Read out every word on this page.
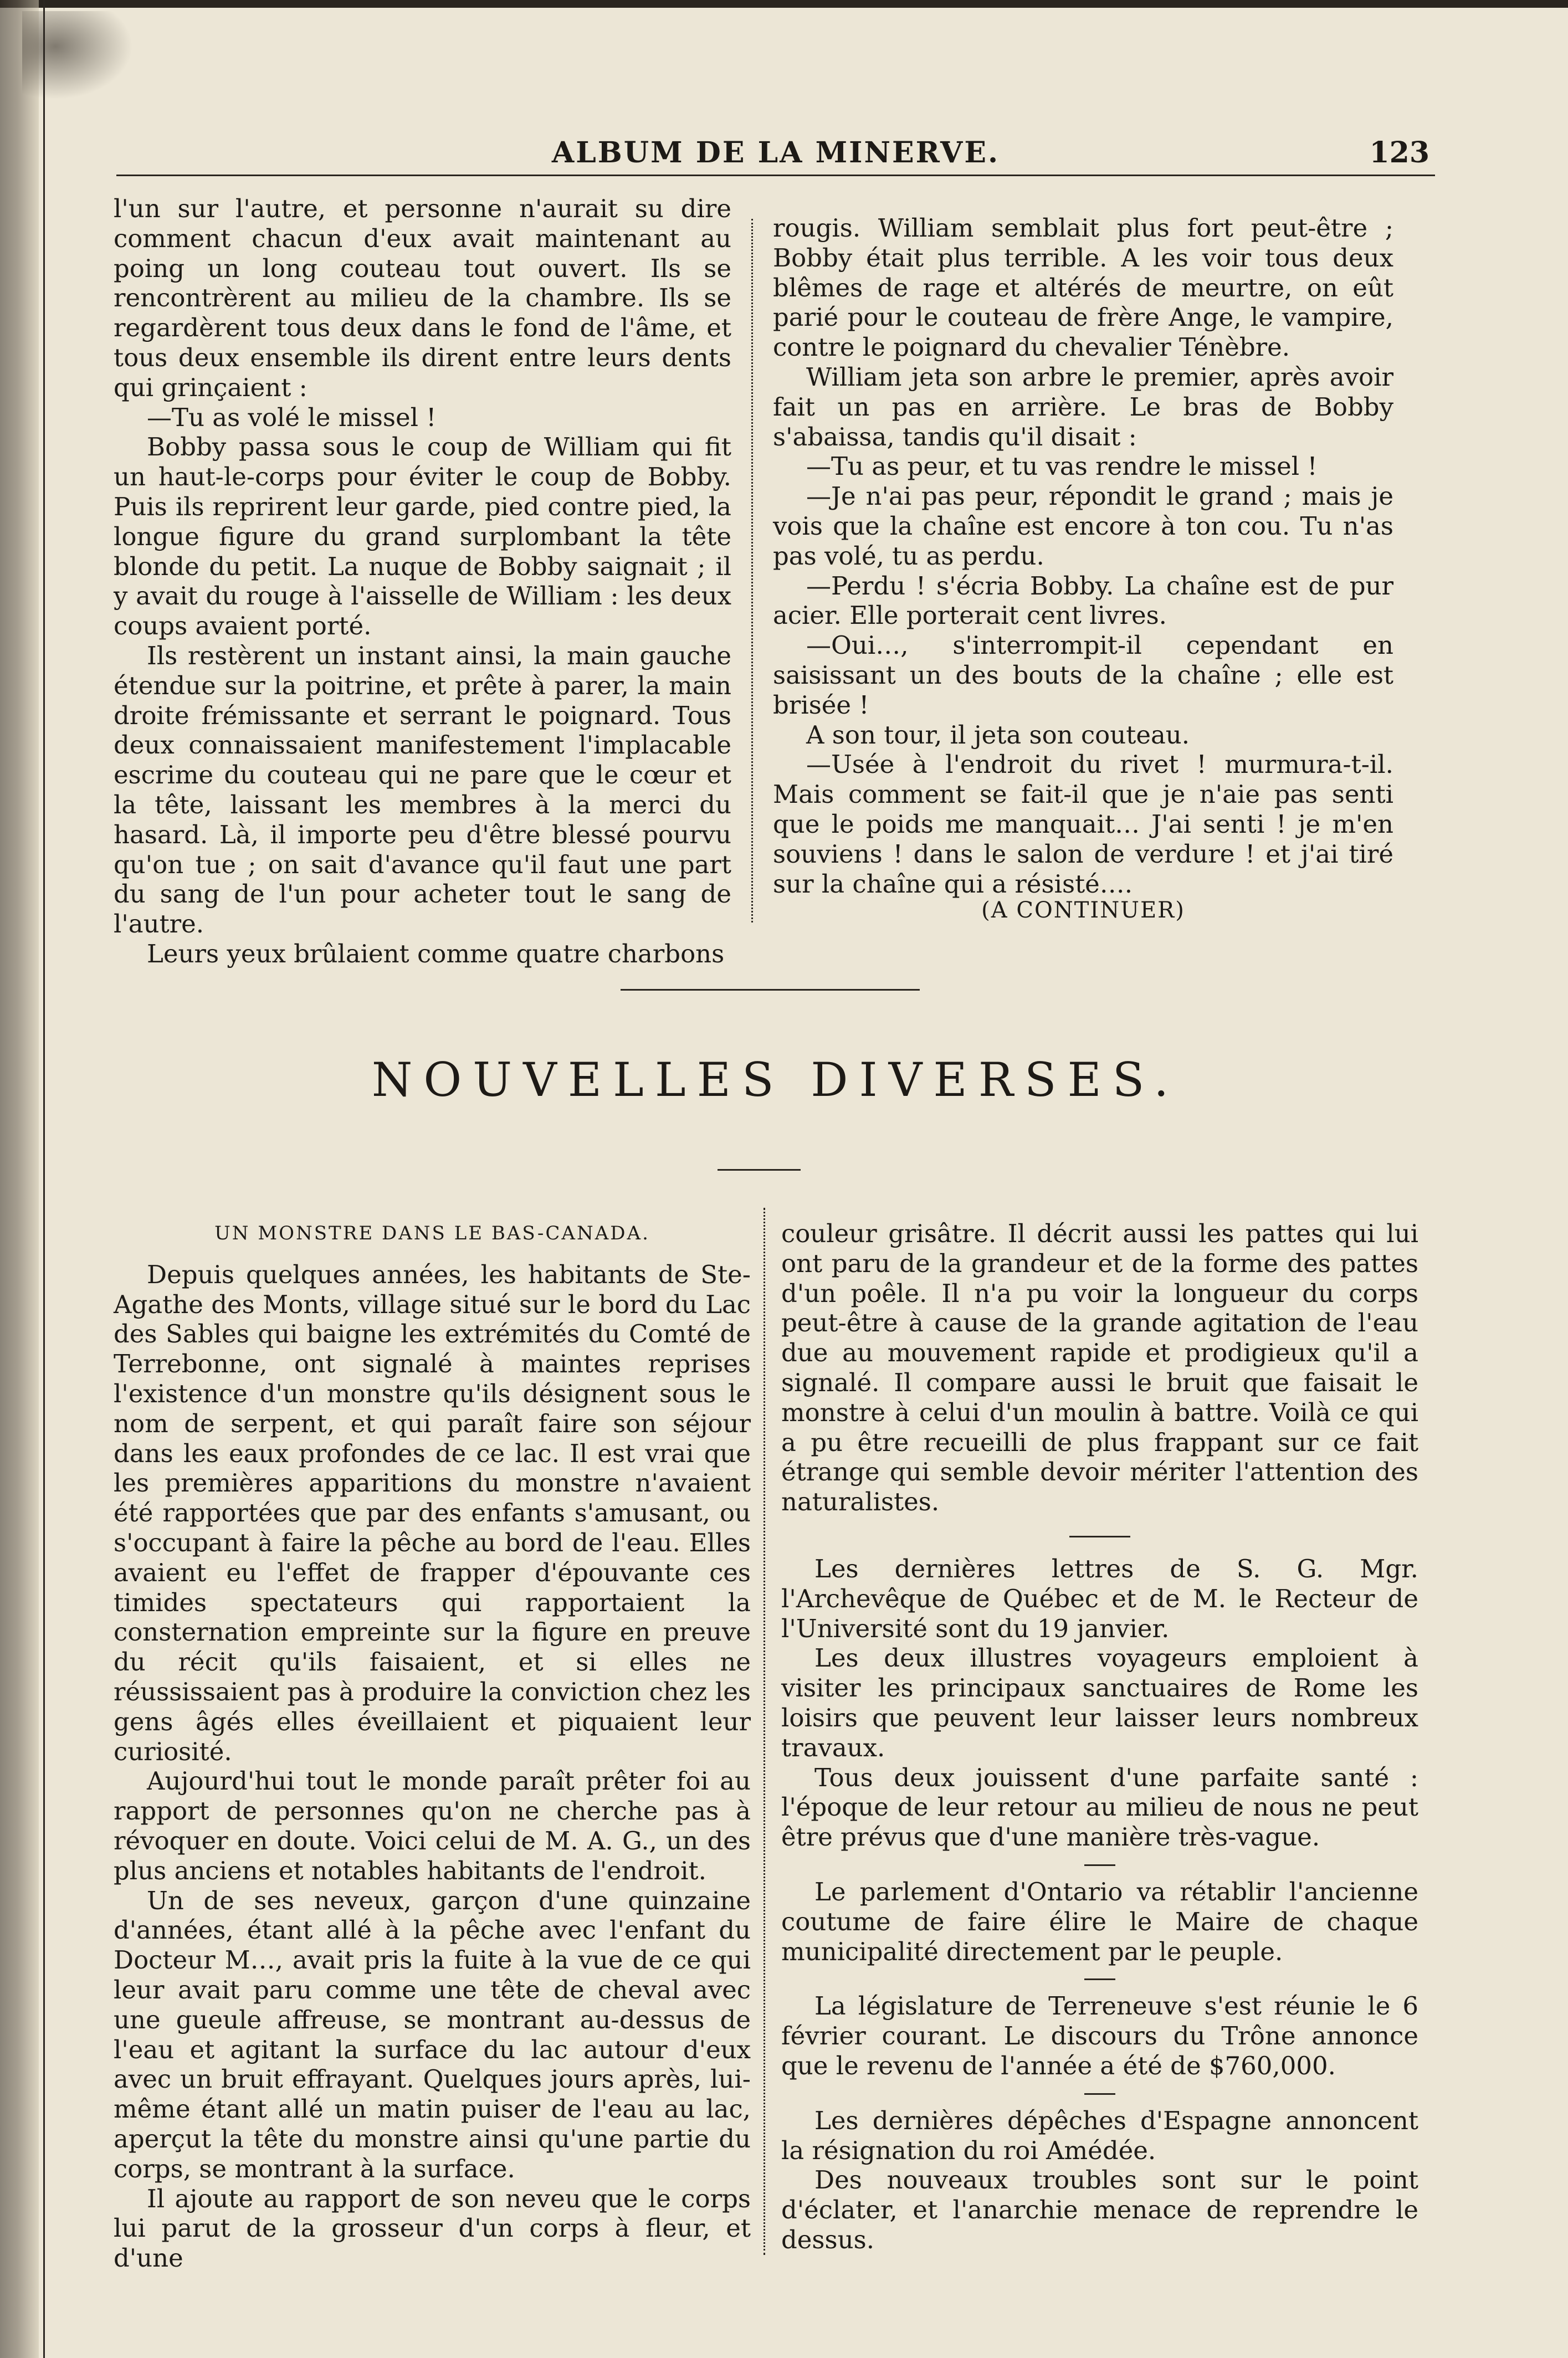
ALBUM DE LA MINERVE.	123

l'un sur l'autre, et personne n'aurait su dire comment chacun d'eux avait maintenant au poing un long couteau tout ouvert. Ils se rencontrèrent au milieu de la chambre. Ils se regardèrent tous deux dans le fond de l'âme, et tous deux ensemble ils dirent entre leurs dents qui grinçaient :

—Tu as volé le missel !

Bobby passa sous le coup de William qui fit un haut-le-corps pour éviter le coup de Bobby. Puis ils reprirent leur garde, pied contre pied, la longue figure du grand surplombant la tête blonde du petit. La nuque de Bobby saignait ; il y avait du rouge à l'aisselle de William : les deux coups avaient porté.

Ils restèrent un instant ainsi, la main gauche étendue sur la poitrine, et prête à parer, la main droite frémissante et serrant le poignard. Tous deux connaissaient manifestement l'implacable escrime du couteau qui ne pare que le cœur et la tête, laissant les membres à la merci du hasard. Là, il importe peu d'être blessé pourvu qu'on tue ; on sait d'avance qu'il faut une part du sang de l'un pour acheter tout le sang de l'autre.

Leurs yeux brûlaient comme quatre charbons

rougis. William semblait plus fort peut-être ; Bobby était plus terrible. A les voir tous deux blêmes de rage et altérés de meurtre, on eût parié pour le couteau de frère Ange, le vampire, contre le poignard du chevalier Ténèbre.

William jeta son arbre le premier, après avoir fait un pas en arrière. Le bras de Bobby s'abaissa, tandis qu'il disait :

—Tu as peur, et tu vas rendre le missel !

—Je n'ai pas peur, répondit le grand ; mais je vois que la chaîne est encore à ton cou. Tu n'as pas volé, tu as perdu.

—Perdu ! s'écria Bobby. La chaîne est de pur acier. Elle porterait cent livres.

—Oui…, s'interrompit-il cependant en saisissant un des bouts de la chaîne ; elle est brisée !

A son tour, il jeta son couteau.

—Usée à l'endroit du rivet ! murmura-t-il. Mais comment se fait-il que je n'aie pas senti que le poids me manquait… J'ai senti ! je m'en souviens ! dans le salon de verdure ! et j'ai tiré sur la chaîne qui a résisté….

(A CONTINUER)
NOUVELLES DIVERSES.

UN MONSTRE DANS LE BAS-CANADA.

Depuis quelques années, les habitants de Ste-Agathe des Monts, village situé sur le bord du Lac des Sables qui baigne les extrémités du Comté de Terrebonne, ont signalé à maintes reprises l'existence d'un monstre qu'ils désignent sous le nom de serpent, et qui paraît faire son séjour dans les eaux profondes de ce lac. Il est vrai que les premières apparitions du monstre n'avaient été rapportées que par des enfants s'amusant, ou s'occupant à faire la pêche au bord de l'eau. Elles avaient eu l'effet de frapper d'épouvante ces timides spectateurs qui rapportaient la consternation empreinte sur la figure en preuve du récit qu'ils faisaient, et si elles ne réussissaient pas à produire la conviction chez les gens âgés elles éveillaient et piquaient leur curiosité.

Aujourd'hui tout le monde paraît prêter foi au rapport de personnes qu'on ne cherche pas à révoquer en doute. Voici celui de M. A. G., un des plus anciens et notables habitants de l'endroit.

Un de ses neveux, garçon d'une quinzaine d'années, étant allé à la pêche avec l'enfant du Docteur M…, avait pris la fuite à la vue de ce qui leur avait paru comme une tête de cheval avec une gueule affreuse, se montrant au-dessus de l'eau et agitant la surface du lac autour d'eux avec un bruit effrayant. Quelques jours après, lui-même étant allé un matin puiser de l'eau au lac, aperçut la tête du monstre ainsi qu'une partie du corps, se montrant à la surface.

Il ajoute au rapport de son neveu que le corps lui parut de la grosseur d'un corps à fleur, et d'une

couleur grisâtre. Il décrit aussi les pattes qui lui ont paru de la grandeur et de la forme des pattes d'un poêle. Il n'a pu voir la longueur du corps peut-être à cause de la grande agitation de l'eau due au mouvement rapide et prodigieux qu'il a signalé. Il compare aussi le bruit que faisait le monstre à celui d'un moulin à battre. Voilà ce qui a pu être recueilli de plus frappant sur ce fait étrange qui semble devoir mériter l'attention des naturalistes.

Les dernières lettres de S. G. Mgr. l'Archevêque de Québec et de M. le Recteur de l'Université sont du 19 janvier.

Les deux illustres voyageurs emploient à visiter les principaux sanctuaires de Rome les loisirs que peuvent leur laisser leurs nombreux travaux.

Tous deux jouissent d'une parfaite santé : l'époque de leur retour au milieu de nous ne peut être prévus que d'une manière très-vague.

Le parlement d'Ontario va rétablir l'ancienne coutume de faire élire le Maire de chaque municipalité directement par le peuple.

La législature de Terreneuve s'est réunie le 6 février courant. Le discours du Trône annonce que le revenu de l'année a été de $760,000.

Les dernières dépêches d'Espagne annoncent la résignation du roi Amédée.

Des nouveaux troubles sont sur le point d'éclater, et l'anarchie menace de reprendre le dessus.
